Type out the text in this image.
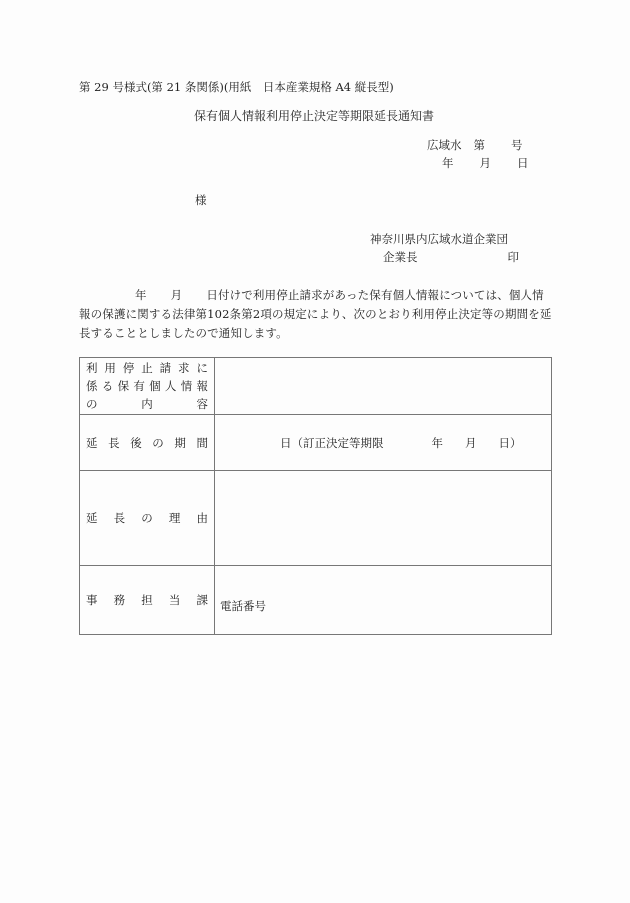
第 29 号様式(第 21 条関係)(用紙　日本産業規格 A4 縦長型)
保有個人情報利用停止決定等期限延長通知書
広域水 第 号
年 月 日
様
神奈川県内広域水道企業団
企業長	印
年 月 日付けで利用停止請求があった保有個人情報については、個人情報の保護に関する法律第102条第2項の規定により、次のとおり利用停止決定等の期間を延長することとしましたので通知します。
利 用 停 止 請 求 に
係 る 保 有 個 人 情 報
の	内	容

延 長 後 の 期 間	日（訂正決定等期限	年 月 日）

延 長 の 理 由	

事 務 担 当 課	電話番号
